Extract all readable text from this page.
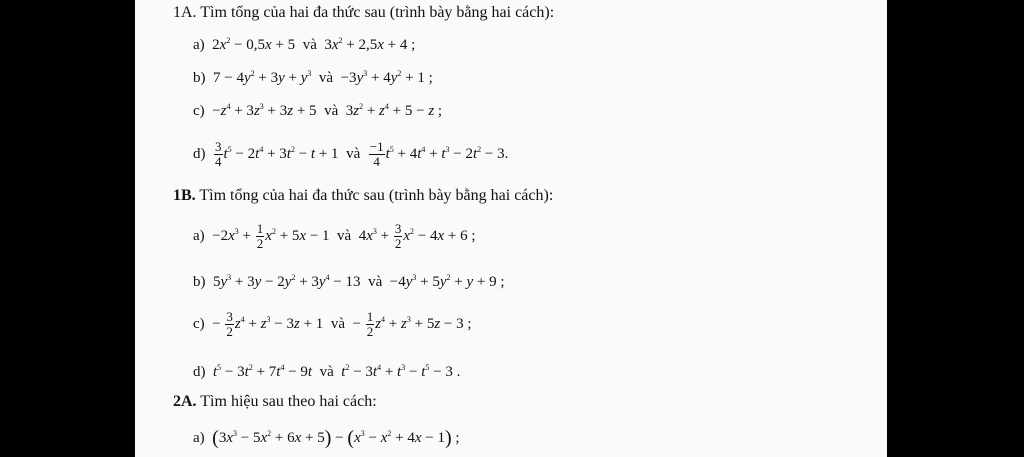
1A. Tìm tổng của hai đa thức sau (trình bày bằng hai cách):
a) $2x^2 - 0,5x + 5$ và $3x^2 + 2,5x + 4$ ;
b) $7 - 4y^2 + 3y + y^3$ và $-3y^3 + 4y^2 + 1$ ;
$c) -z^4 + 3z^3 + 3z + 5$ và $3z^2 + z^4 + 5 - z$ ;
$d) \frac{3}{4} t^5 - 2t^4 + 3t^2 - t + 1$ và $\frac{-1}{4} t^5 + 4t^4 + t^3 - 2t^2 - 3$.
1B. Tìm tổng của hai đa thức sau (trình bày bằng hai cách):
$a) -2x^3 + \frac{1}{2} x^2 + 5x - 1$ và $4x^3 + \frac{3}{2} x^2 - 4x + 6$ ;
b) $5y^3 + 3y - 2y^2 + 3y^4 - 13$ và $-4y^3 + 5y^2 + y + 9$ ;
$c) - \frac{3}{2} z^4 + z^3 - 3z + 1$ và − $\frac{1}{2} z^4 + z^3 + 5z - 3$ ;
d) $t^5 - 3t^2 + 7t^4 - 9t$ và $t^2 - 3t^4 + t^3 - t^5 - 3$ .
2A. Tìm hiệu sau theo hai cách:
a) $(3x^3 - 5x^2 + 6x + 5) - (x^3 - x^2 + 4x - 1)$ ;
